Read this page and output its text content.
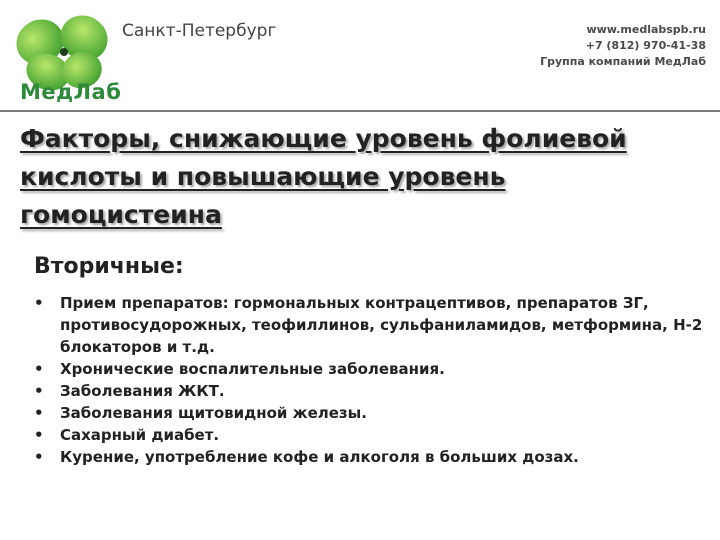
МедЛаб
Санкт-Петербург	www.medlabspb.ru
+7 (812) 970-41-38
Группа компаний МедЛаб
Факторы, снижающие уровень фолиевой кислоты и повышающие уровень гомоцистеина
Вторичные:
• Прием препаратов: гормональных контрацептивов, препаратов ЗГ, противосудорожных, теофиллинов, сульфаниламидов, метформина, Н-2 блокаторов и т.д.
• Хронические воспалительные заболевания.
• Заболевания ЖКТ.
• Заболевания щитовидной железы.
• Сахарный диабет.
• Курение, употребление кофе и алкоголя в больших дозах.
